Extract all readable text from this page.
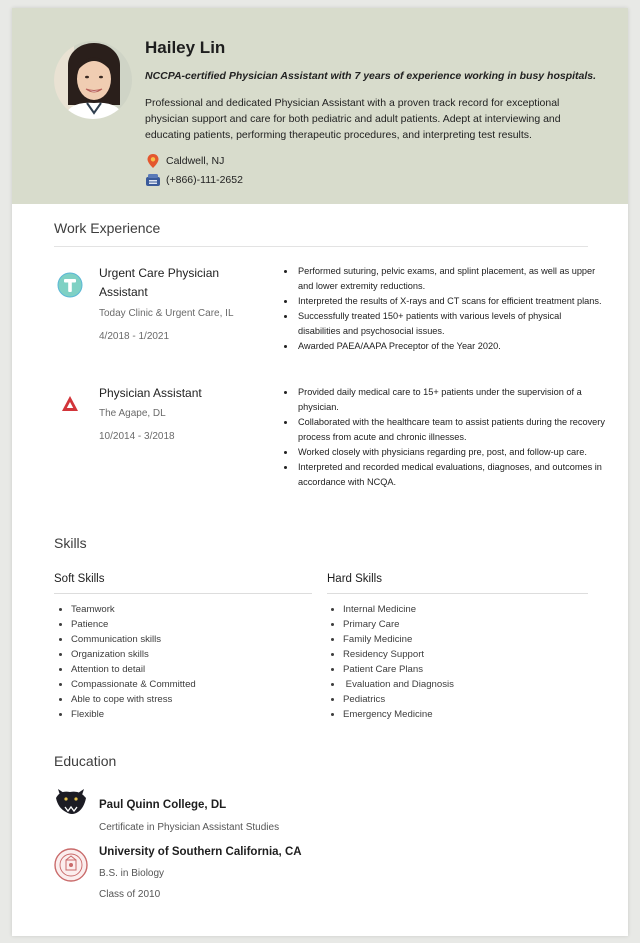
Hailey Lin
NCCPA-certified Physician Assistant with 7 years of experience working in busy hospitals.
Professional and dedicated Physician Assistant with a proven track record for exceptional physician support and care for both pediatric and adult patients. Adept at interviewing and educating patients, performing therapeutic procedures, and interpreting test results.
Caldwell, NJ
(+866)-111-2652
Work Experience
Urgent Care Physician Assistant
Today Clinic & Urgent Care, IL
4/2018 - 1/2021
• Performed suturing, pelvic exams, and splint placement, as well as upper and lower extremity reductions.
• Interpreted the results of X-rays and CT scans for efficient treatment plans.
• Successfully treated 150+ patients with various levels of physical disabilities and psychosocial issues.
• Awarded PAEA/AAPA Preceptor of the Year 2020.
Physician Assistant
The Agape, DL
10/2014 - 3/2018
• Provided daily medical care to 15+ patients under the supervision of a physician.
• Collaborated with the healthcare team to assist patients during the recovery process from acute and chronic illnesses.
• Worked closely with physicians regarding pre, post, and follow-up care.
• Interpreted and recorded medical evaluations, diagnoses, and outcomes in accordance with NCQA.
Skills
Soft Skills
• Teamwork
• Patience
• Communication skills
• Organization skills
• Attention to detail
• Compassionate & Committed
• Able to cope with stress
• Flexible
Hard Skills
• Internal Medicine
• Primary Care
• Family Medicine
• Residency Support
• Patient Care Plans
•  Evaluation and Diagnosis
• Pediatrics
• Emergency Medicine
Education
Paul Quinn College, DL
Certificate in Physician Assistant Studies
University of Southern California, CA
B.S. in Biology
Class of 2010
